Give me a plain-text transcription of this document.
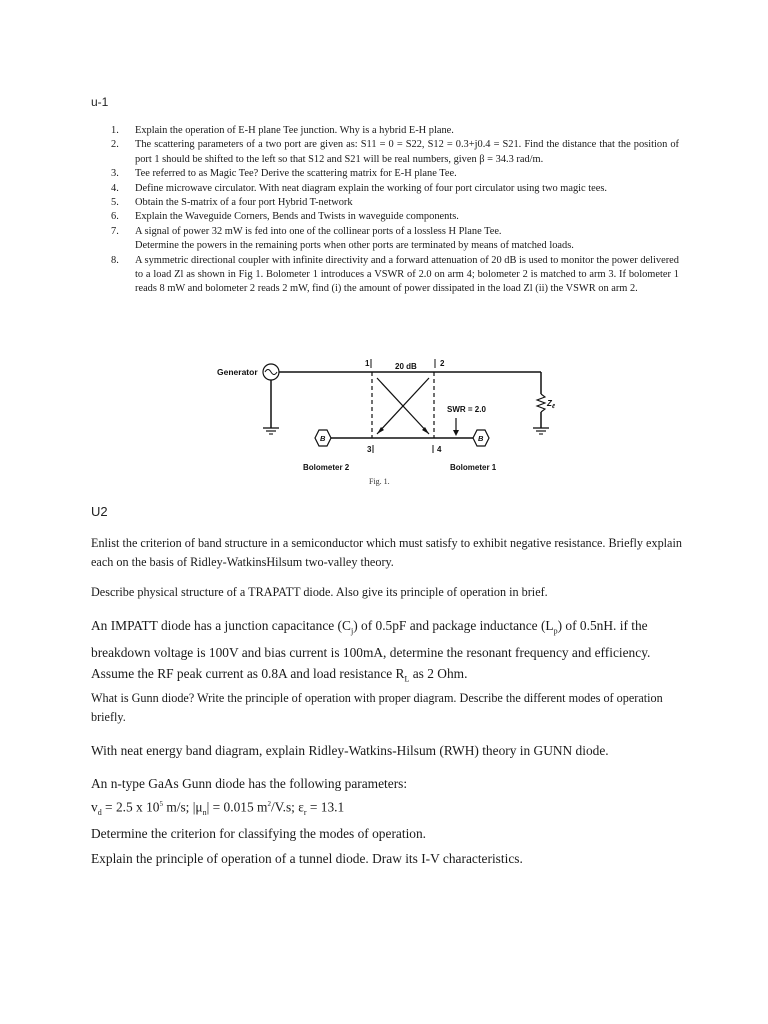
u-1
1. Explain the operation of E-H plane Tee junction. Why is a hybrid E-H plane.
2. The scattering parameters of a two port are given as: S11 = 0 = S22, S12 = 0.3+j0.4 = S21. Find the distance that the position of port 1 should be shifted to the left so that S12 and S21 will be real numbers, given β = 34.3 rad/m.
3. Tee referred to as Magic Tee? Derive the scattering matrix for E-H plane Tee.
4. Define microwave circulator. With neat diagram explain the working of four port circulator using two magic tees.
5. Obtain the S-matrix of a four port Hybrid T-network
6. Explain the Waveguide Corners, Bends and Twists in waveguide components.
7. A signal of power 32 mW is fed into one of the collinear ports of a lossless H Plane Tee.
Determine the powers in the remaining ports when other ports are terminated by means of matched loads.
8. A symmetric directional coupler with infinite directivity and a forward attenuation of 20 dB is used to monitor the power delivered to a load Zl as shown in Fig 1. Bolometer 1 introduces a VSWR of 2.0 on arm 4; bolometer 2 is matched to arm 3. If bolometer 1 reads 8 mW and bolometer 2 reads 2 mW, find (i) the amount of power dissipated in the load Zl (ii) the VSWR on arm 2.
Generator
1	20 dB	2
$Z_\ell$
B
3
Bolometer 2
B
4
Bolometer 1
SWR = 2.0
Fig. 1.
U2

Enlist the criterion of band structure in a semiconductor which must satisfy to exhibit negative resistance. Briefly explain each on the basis of Ridley-WatkinsHilsum two-valley theory.

Describe physical structure of a TRAPATT diode. Also give its principle of operation in brief.

An IMPATT diode has a junction capacitance $(C_j)$ of 0.5pF and package inductance $(L_p)$ of 0.5nH. if the breakdown voltage is 100V and bias current is 100mA, determine the resonant frequency and efficiency. Assume the RF peak current as 0.8A and load resistance $R_L$ as 2 Ohm.

What is Gunn diode? Write the principle of operation with proper diagram. Describe the different modes of operation briefly.

With neat energy band diagram, explain Ridley-Watkins-Hilsum (RWH) theory in GUNN diode.

An n-type GaAs Gunn diode has the following parameters:
$v_d = 2.5$ x $10^5$ m/s; $|\mu_n| = 0.015$ $m^2/V.s$; $\varepsilon_r = 13.1$
Determine the criterion for classifying the modes of operation.

Explain the principle of operation of a tunnel diode. Draw its I-V characteristics.
